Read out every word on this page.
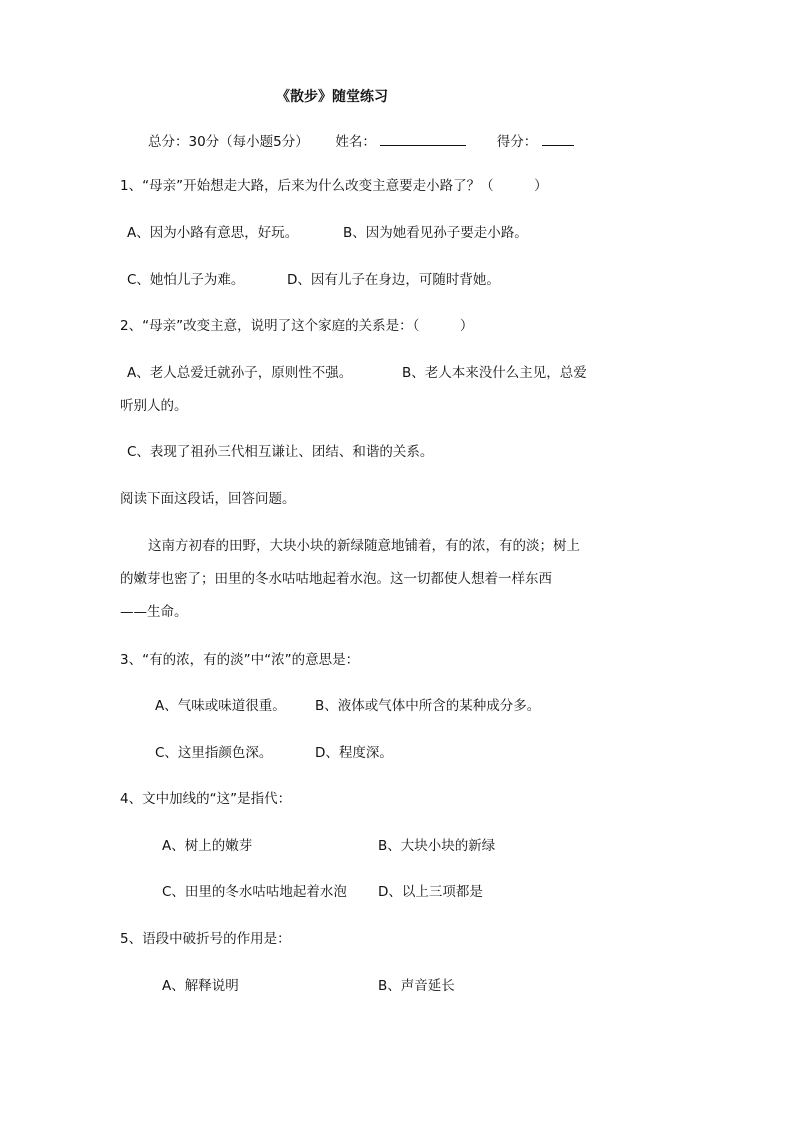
《散步》随堂练习
总分：30分（每小题5分） 姓名：	得分：
1、“母亲”开始想走大路，后来为什么改变主意要走小路了？（　　　）
A、因为小路有意思，好玩。	B、因为她看见孙子要走小路。
C、她怕儿子为难。	D、因有儿子在身边，可随时背她。
2、“母亲”改变主意，说明了这个家庭的关系是：（　　　）
A、老人总爱迁就孙子，原则性不强。	B、老人本来没什么主见，总爱
听别人的。
C、表现了祖孙三代相互谦让、团结、和谐的关系。
阅读下面这段话，回答问题。
这南方初春的田野，大块小块的新绿随意地铺着，有的浓，有的淡；树上
的嫩芽也密了；田里的冬水咕咕地起着水泡。这一切都使人想着一样东西
——生命。
3、“有的浓，有的淡”中“浓”的意思是：
A、气味或味道很重。 B、液体或气体中所含的某种成分多。
C、这里指颜色深。	D、程度深。
4、文中加线的“这”是指代：
A、树上的嫩芽	B、大块小块的新绿
C、田里的冬水咕咕地起着水泡 D、以上三项都是
5、语段中破折号的作用是：
A、解释说明	B、声音延长
